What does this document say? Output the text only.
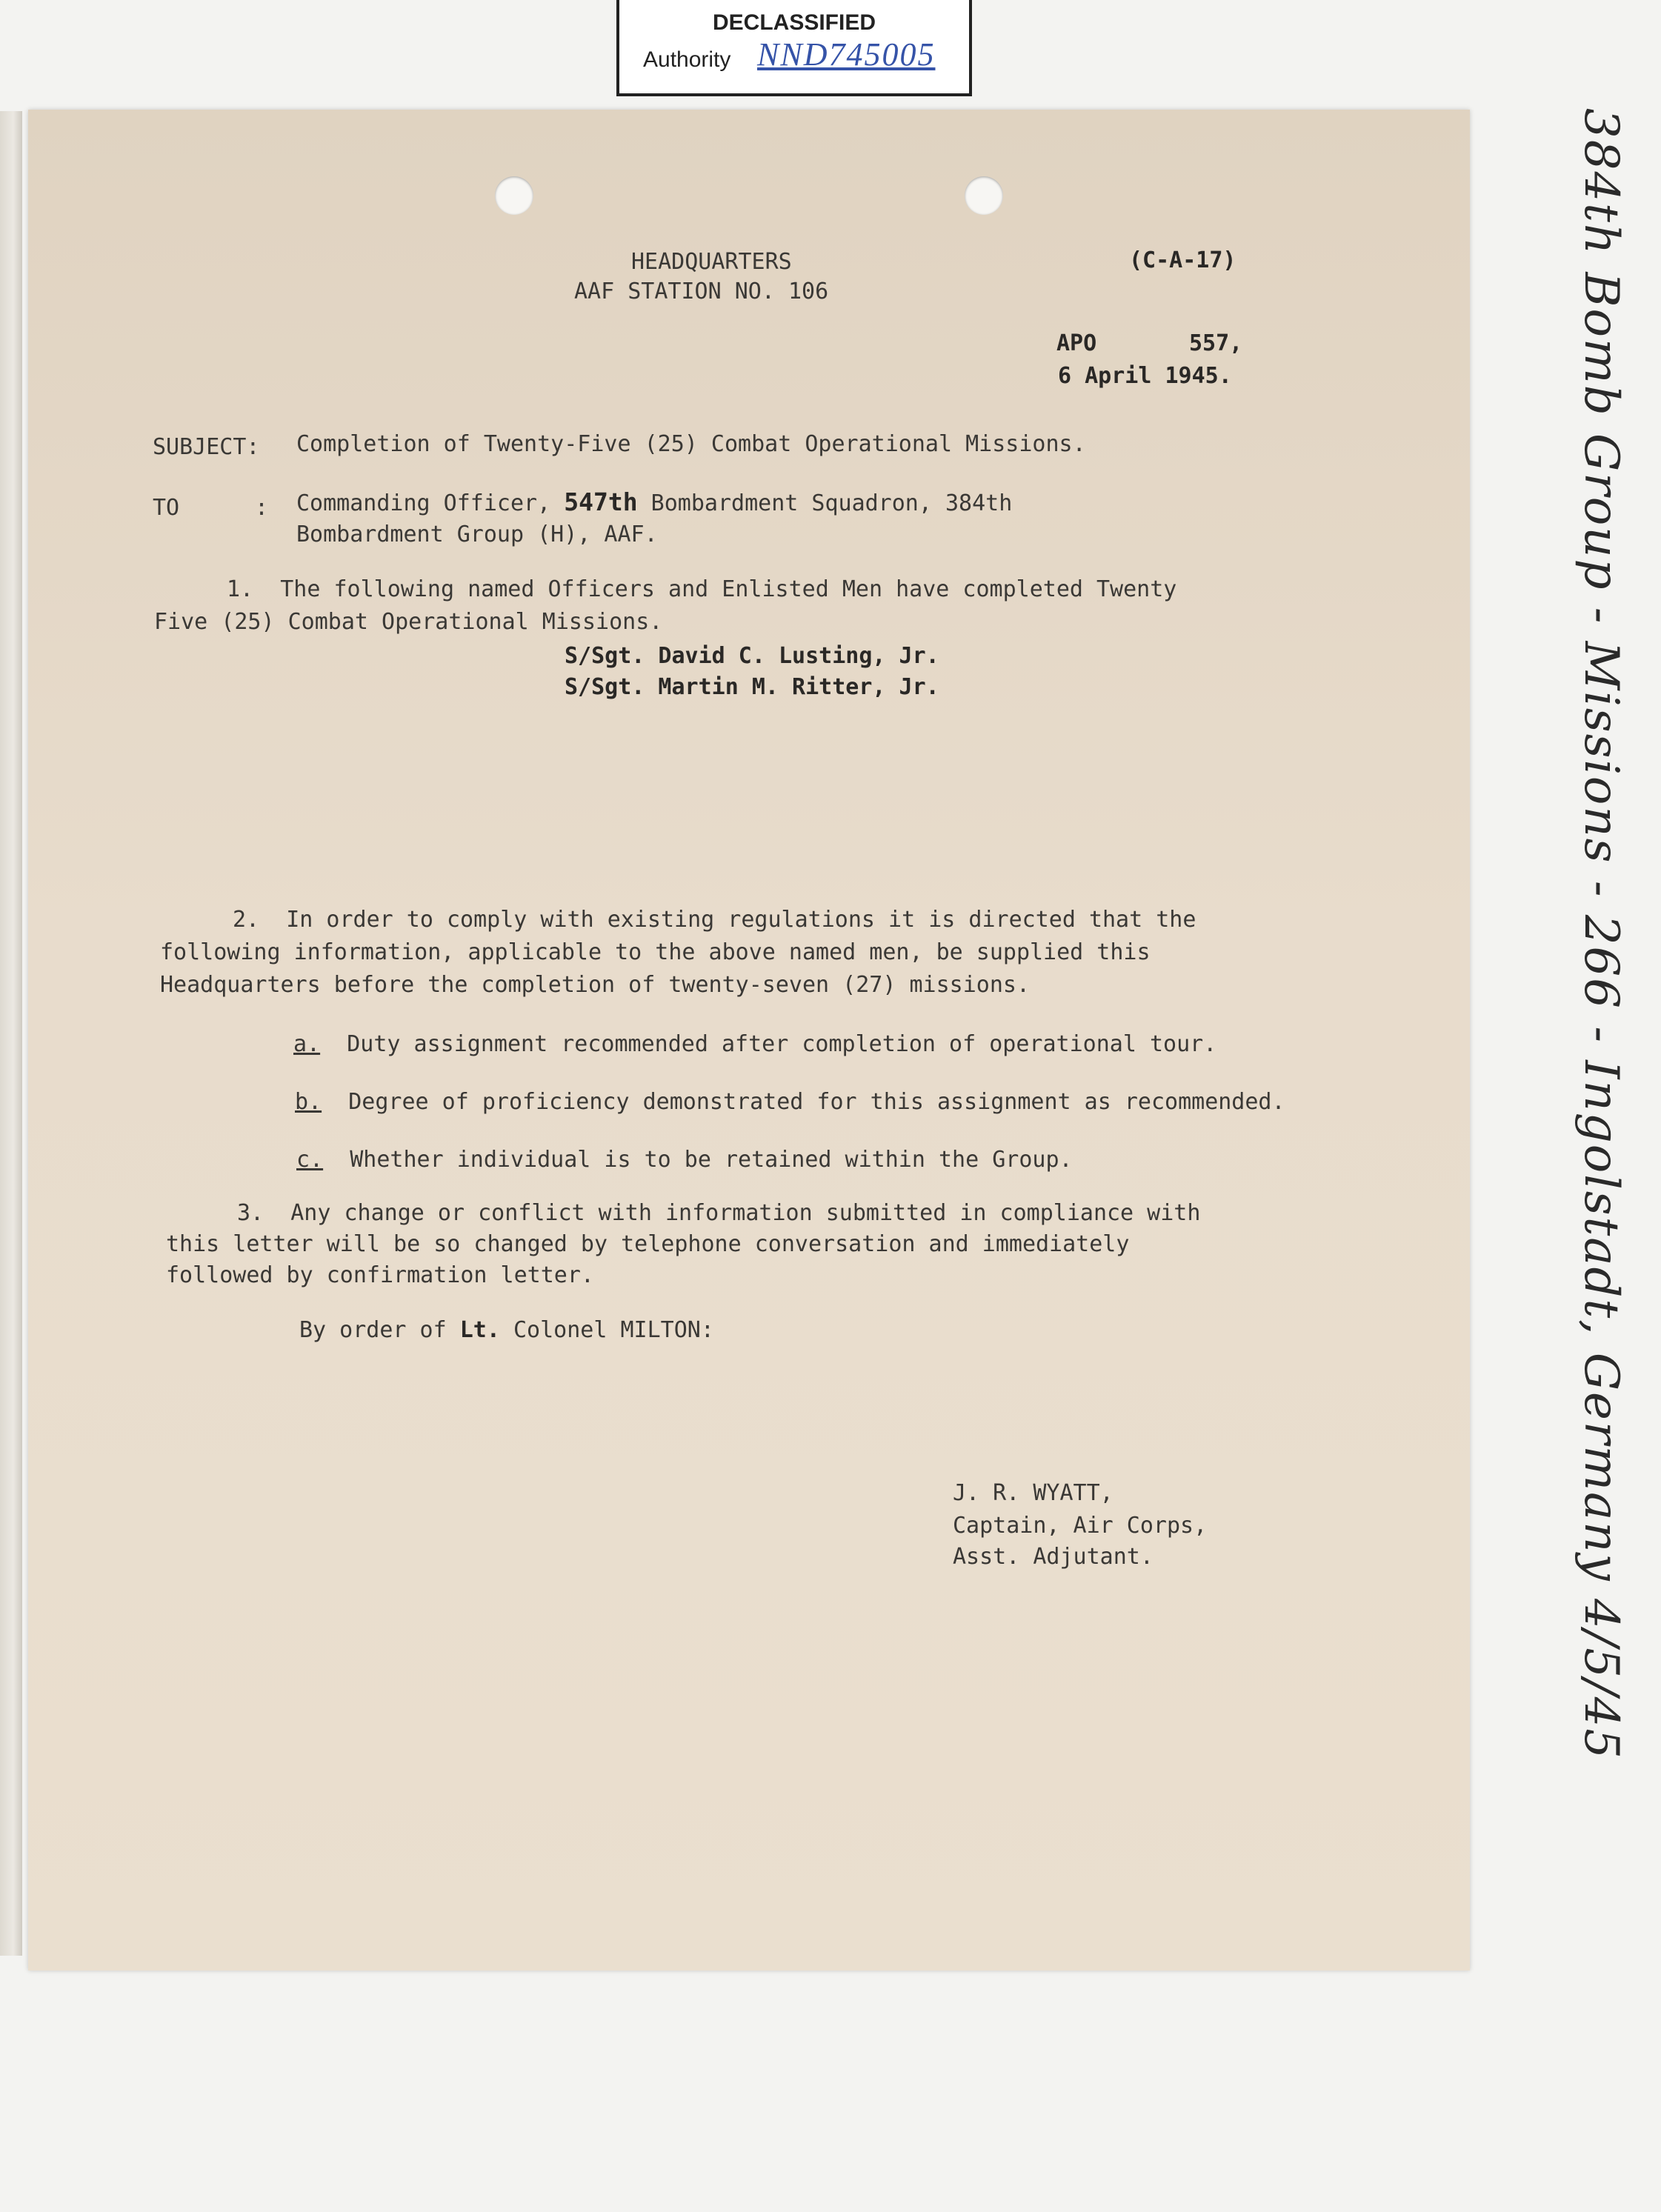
DECLASSIFIED
Authority NND745005
HEADQUARTERS
AAF STATION NO. 106
(C-A-17)
APO	557,
6 April 1945.
SUBJECT: Completion of Twenty-Five (25) Combat Operational Missions.
TO	: Commanding Officer, 547th Bombardment Squadron, 384th
Bombardment Group (H), AAF.
1.  The following named Officers and Enlisted Men have completed Twenty
Five (25) Combat Operational Missions.
S/Sgt. David C. Lusting, Jr.
S/Sgt. Martin M. Ritter, Jr.
2.  In order to comply with existing regulations it is directed that the
following information, applicable to the above named men, be supplied this
Headquarters before the completion of twenty-seven (27) missions.
a. Duty assignment recommended after completion of operational tour.
b. Degree of proficiency demonstrated for this assignment as recommended.
c. Whether individual is to be retained within the Group.
3.  Any change or conflict with information submitted in compliance with
this letter will be so changed by telephone conversation and immediately
followed by confirmation letter.
By order of Lt. Colonel MILTON:
J. R. WYATT,
Captain, Air Corps,
Asst. Adjutant.	384th Bomb Group - Missions - 266 - Ingolstadt, Germany 4/5/45
